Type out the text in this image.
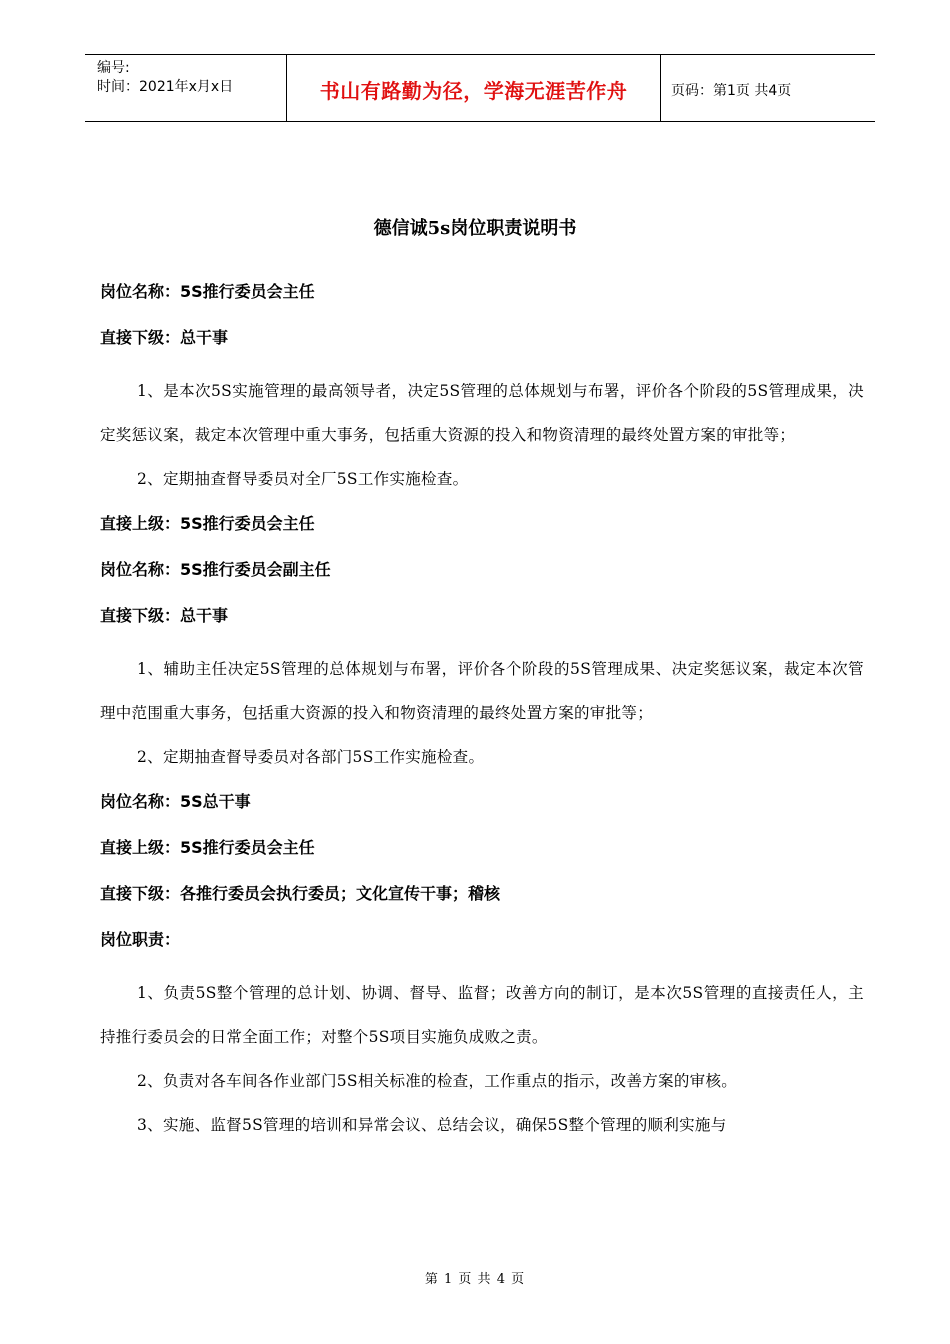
编号:
时间：2021年x月x日	书山有路勤为径，学海无涯苦作舟	页码：第1页 共4页
德信诚5s岗位职责说明书

岗位名称：5S推行委员会主任

直接下级：总干事

1、是本次5S实施管理的最高领导者，决定5S管理的总体规划与布署，评价各个阶段的5S管理成果，决定奖惩议案，裁定本次管理中重大事务，包括重大资源的投入和物资清理的最终处置方案的审批等；

2、定期抽查督导委员对全厂5S工作实施检查。

直接上级：5S推行委员会主任

岗位名称：5S推行委员会副主任

直接下级：总干事

1、辅助主任决定5S管理的总体规划与布署，评价各个阶段的5S管理成果、决定奖惩议案，裁定本次管理中范围重大事务，包括重大资源的投入和物资清理的最终处置方案的审批等；

2、定期抽查督导委员对各部门5S工作实施检查。

岗位名称：5S总干事

直接上级：5S推行委员会主任

直接下级：各推行委员会执行委员；文化宣传干事；稽核

岗位职责：

1、负责5S整个管理的总计划、协调、督导、监督；改善方向的制订，是本次5S管理的直接责任人，主持推行委员会的日常全面工作；对整个5S项目实施负成败之责。

2、负责对各车间各作业部门5S相关标准的检查，工作重点的指示，改善方案的审核。

3、实施、监督5S管理的培训和异常会议、总结会议，确保5S整个管理的顺利实施与

第 1 页 共 4 页
